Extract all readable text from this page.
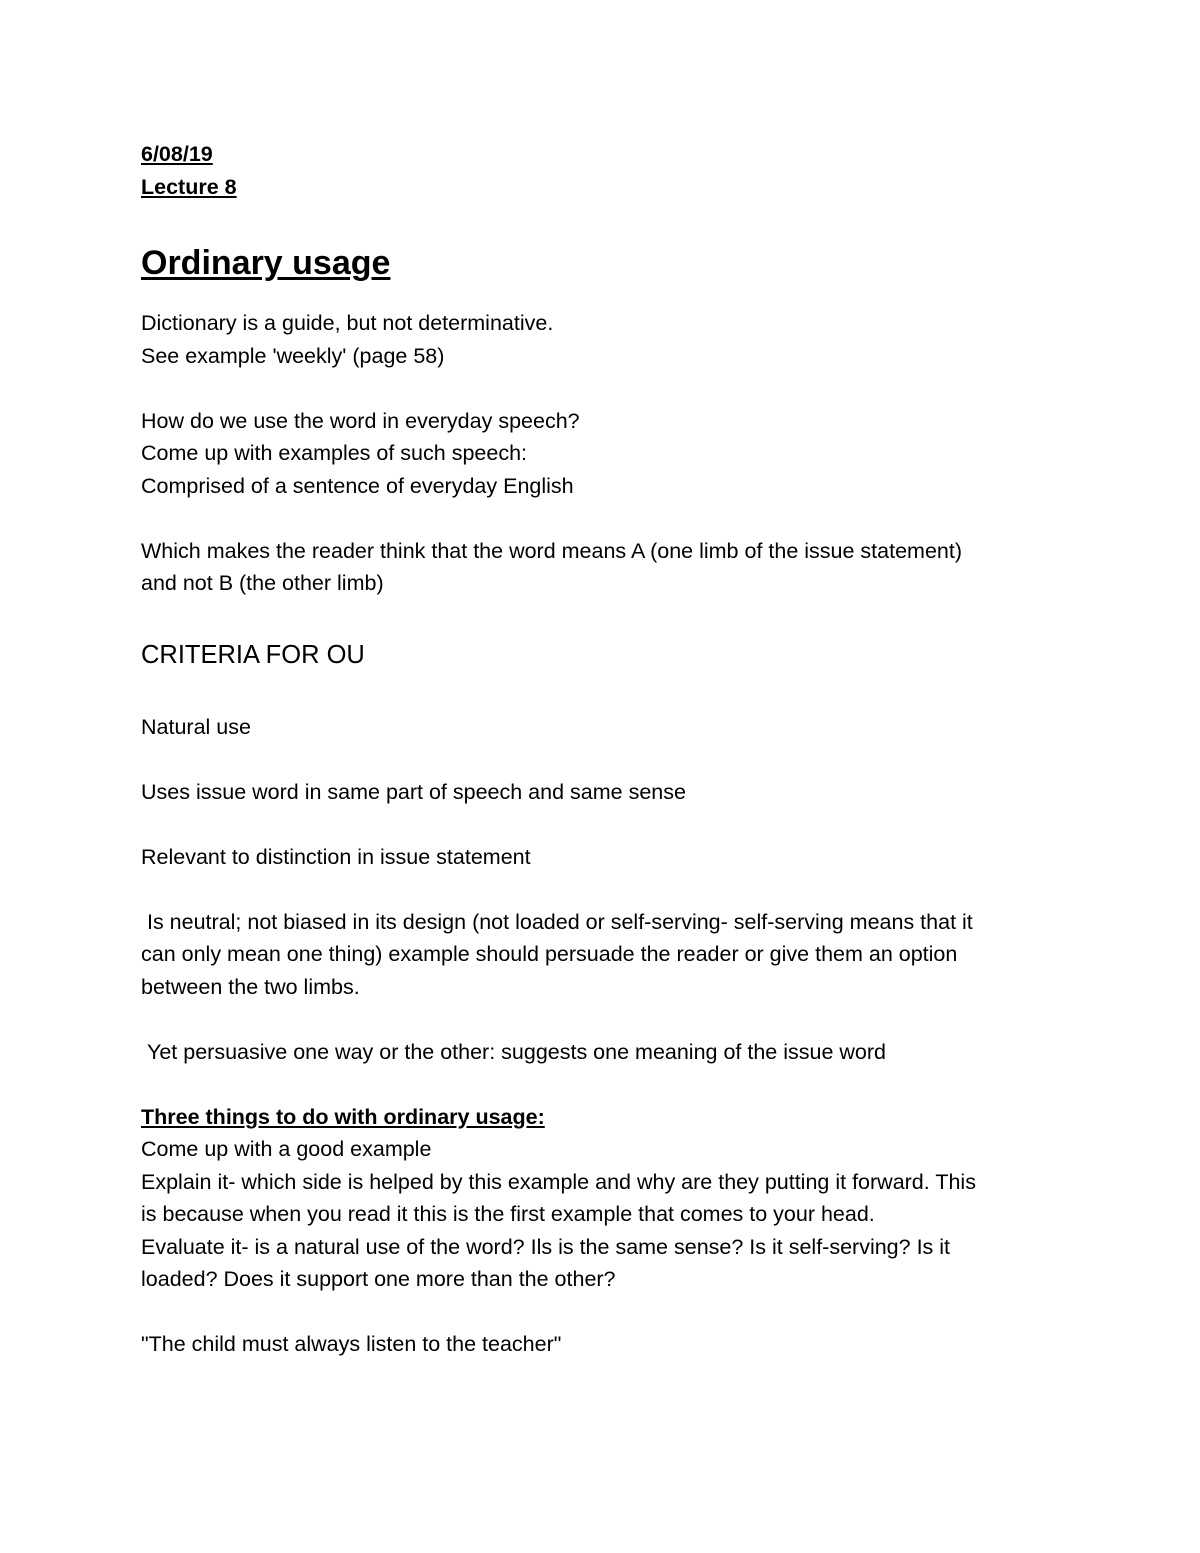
6/08/19

Lecture 8

Ordinary usage

Dictionary is a guide, but not determinative.

See example 'weekly' (page 58)

How do we use the word in everyday speech?

Come up with examples of such speech:

Comprised of a sentence of everyday English

Which makes the reader think that the word means A (one limb of the issue statement)

and not B (the other limb)

CRITERIA FOR OU

Natural use

Uses issue word in same part of speech and same sense

Relevant to distinction in issue statement

Is neutral; not biased in its design (not loaded or self-serving- self-serving means that it

can only mean one thing) example should persuade the reader or give them an option

between the two limbs.

Yet persuasive one way or the other: suggests one meaning of the issue word

Three things to do with ordinary usage:

Come up with a good example

Explain it- which side is helped by this example and why are they putting it forward. This

is because when you read it this is the first example that comes to your head.

Evaluate it- is a natural use of the word? Ils is the same sense? Is it self-serving? Is it

loaded? Does it support one more than the other?

"The child must always listen to the teacher"
